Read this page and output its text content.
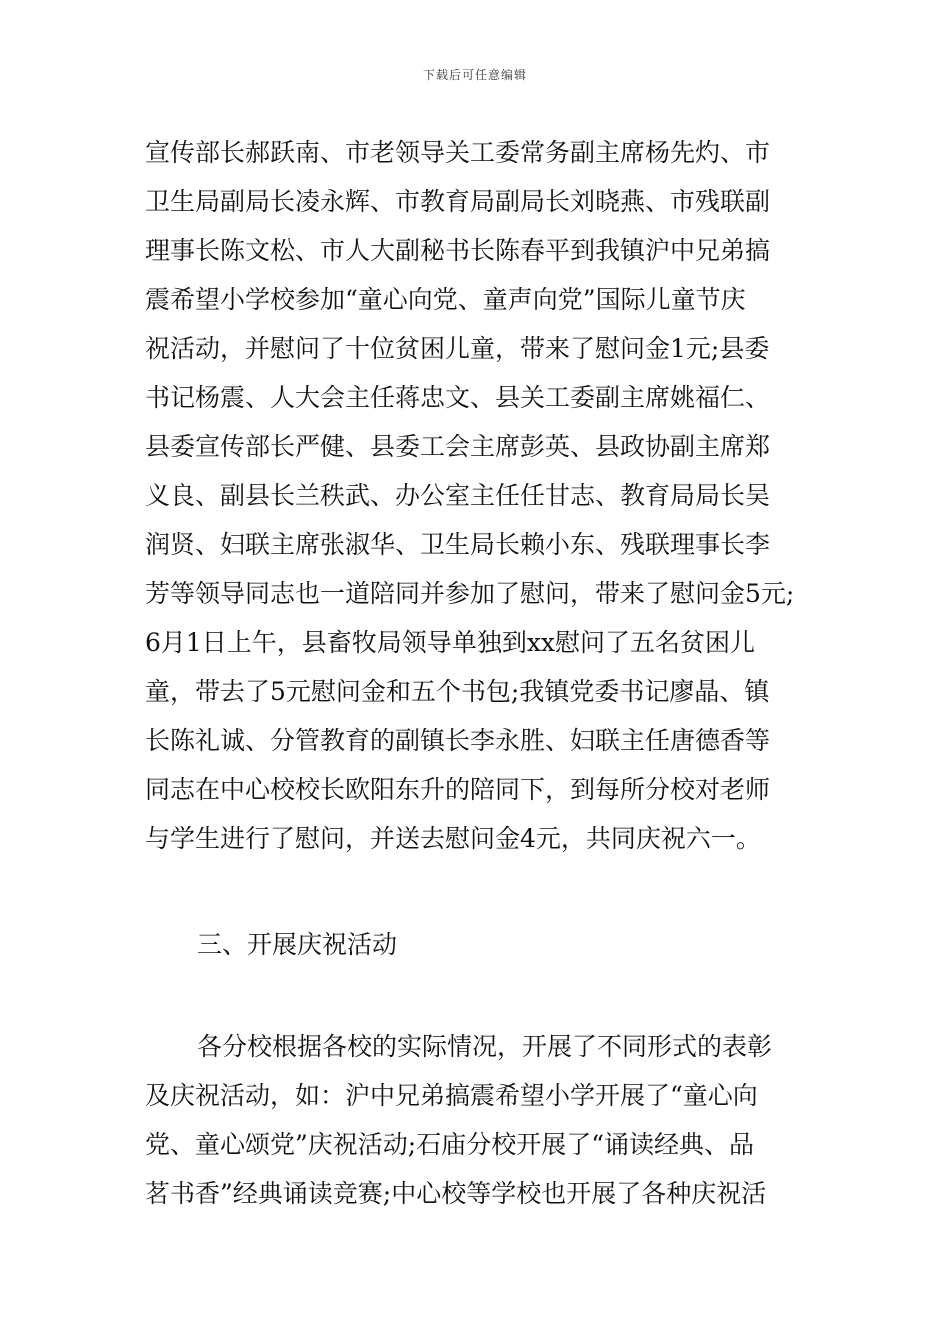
下载后可任意编辑
宣传部长郝跃南、市老领导关工委常务副主席杨先灼、市
卫生局副局长凌永辉、市教育局副局长刘晓燕、市残联副
理事长陈文松、市人大副秘书长陈春平到我镇沪中兄弟搞
震希望小学校参加“童心向党、童声向党”国际儿童节庆
祝活动，并慰问了十位贫困儿童，带来了慰问金1元;县委
书记杨震、人大会主任蒋忠文、县关工委副主席姚福仁、
县委宣传部长严健、县委工会主席彭英、县政协副主席郑
义良、副县长兰秩武、办公室主任任甘志、教育局局长吴
润贤、妇联主席张淑华、卫生局长赖小东、残联理事长李
芳等领导同志也一道陪同并参加了慰问，带来了慰问金5元;
6月1日上午，县畜牧局领导单独到xx慰问了五名贫困儿
童，带去了5元慰问金和五个书包;我镇党委书记廖晶、镇
长陈礼诚、分管教育的副镇长李永胜、妇联主任唐德香等
同志在中心校校长欧阳东升的陪同下，到每所分校对老师
与学生进行了慰问，并送去慰问金4元，共同庆祝六一。
三、开展庆祝活动
各分校根据各校的实际情况，开展了不同形式的表彰
及庆祝活动，如：沪中兄弟搞震希望小学开展了“童心向
党、童心颂党”庆祝活动;石庙分校开展了“诵读经典、品
茗书香”经典诵读竞赛;中心校等学校也开展了各种庆祝活
